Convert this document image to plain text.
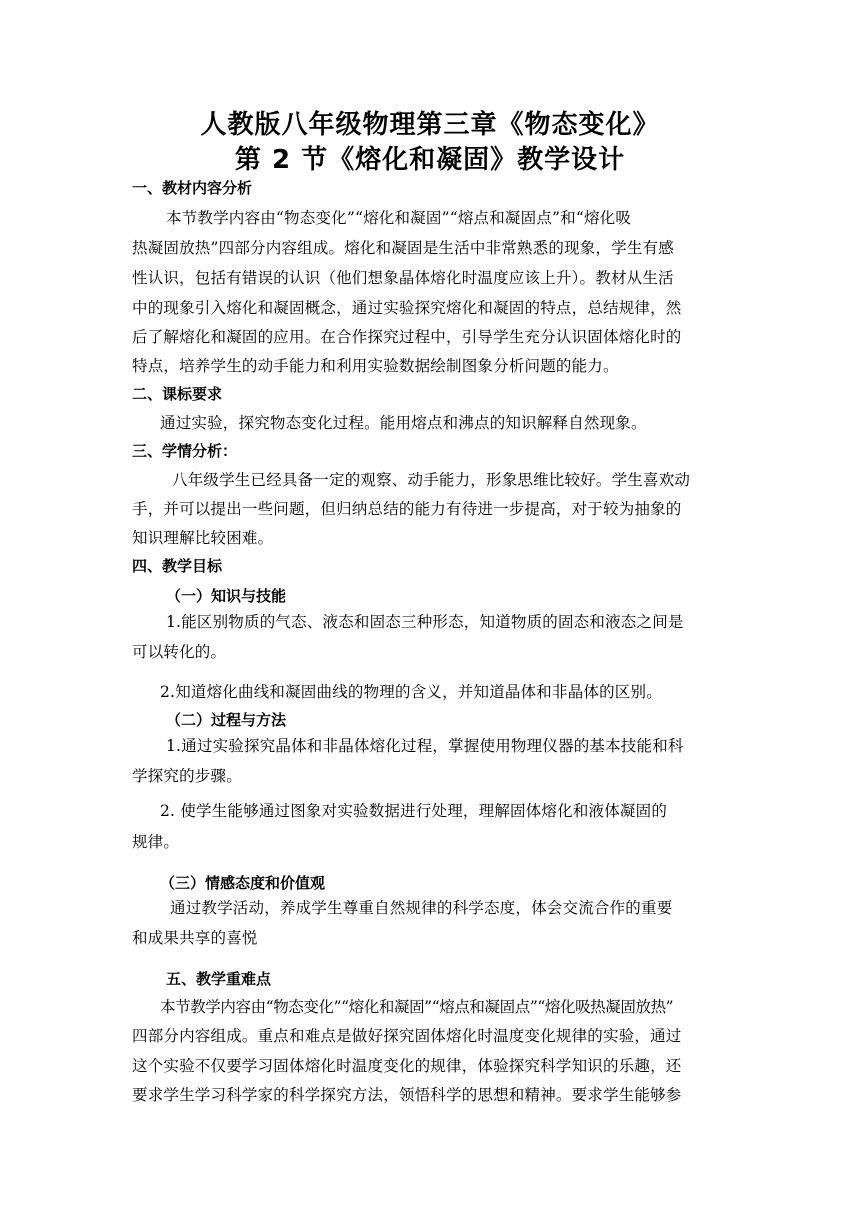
人教版八年级物理第三章《物态变化》
第 2 节《熔化和凝固》教学设计
一、教材内容分析
本节教学内容由“物态变化”“熔化和凝固”“熔点和凝固点”和“熔化吸
热凝固放热”四部分内容组成。熔化和凝固是生活中非常熟悉的现象，学生有感
性认识，包括有错误的认识（他们想象晶体熔化时温度应该上升）。教材从生活
中的现象引入熔化和凝固概念，通过实验探究熔化和凝固的特点，总结规律，然
后了解熔化和凝固的应用。在合作探究过程中，引导学生充分认识固体熔化时的
特点，培养学生的动手能力和利用实验数据绘制图象分析问题的能力。
二、课标要求
通过实验，探究物态变化过程。能用熔点和沸点的知识解释自然现象。
三、学情分析：
八年级学生已经具备一定的观察、动手能力，形象思维比较好。学生喜欢动
手，并可以提出一些问题，但归纳总结的能力有待进一步提高，对于较为抽象的
知识理解比较困难。
四、教学目标
（一）知识与技能
1.能区别物质的气态、液态和固态三种形态，知道物质的固态和液态之间是
可以转化的。
2.知道熔化曲线和凝固曲线的物理的含义，并知道晶体和非晶体的区别。
（二）过程与方法
1.通过实验探究晶体和非晶体熔化过程，掌握使用物理仪器的基本技能和科
学探究的步骤。
2. 使学生能够通过图象对实验数据进行处理，理解固体熔化和液体凝固的
规律。
（三）情感态度和价值观
通过教学活动，养成学生尊重自然规律的科学态度，体会交流合作的重要
和成果共享的喜悦
五、教学重难点
本节教学内容由“物态变化”“熔化和凝固”“熔点和凝固点”“熔化吸热凝固放热”
四部分内容组成。重点和难点是做好探究固体熔化时温度变化规律的实验，通过
这个实验不仅要学习固体熔化时温度变化的规律，体验探究科学知识的乐趣，还
要求学生学习科学家的科学探究方法，领悟科学的思想和精神。要求学生能够参
